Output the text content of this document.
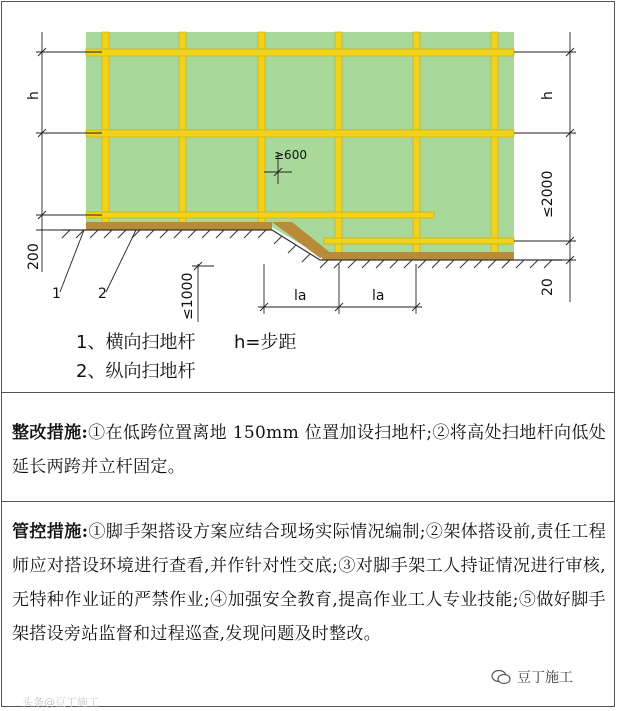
h	h
≥600
≤2000
200
≤1000	20
la	la
1	2
1、横向扫地杆 h=步距
2、纵向扫地杆
整改措施:①在低跨位置离地 150mm 位置加设扫地杆;②将高处扫地杆向低处延长两跨并立杆固定。
管控措施:①脚手架搭设方案应结合现场实际情况编制;②架体搭设前,责任工程师应对搭设环境进行查看,并作针对性交底;③对脚手架工人持证情况进行审核,无特种作业证的严禁作业;④加强安全教育,提高作业工人专业技能;⑤做好脚手架搭设旁站监督和过程巡查,发现问题及时整改。
豆丁施工
头条@豆丁施工
